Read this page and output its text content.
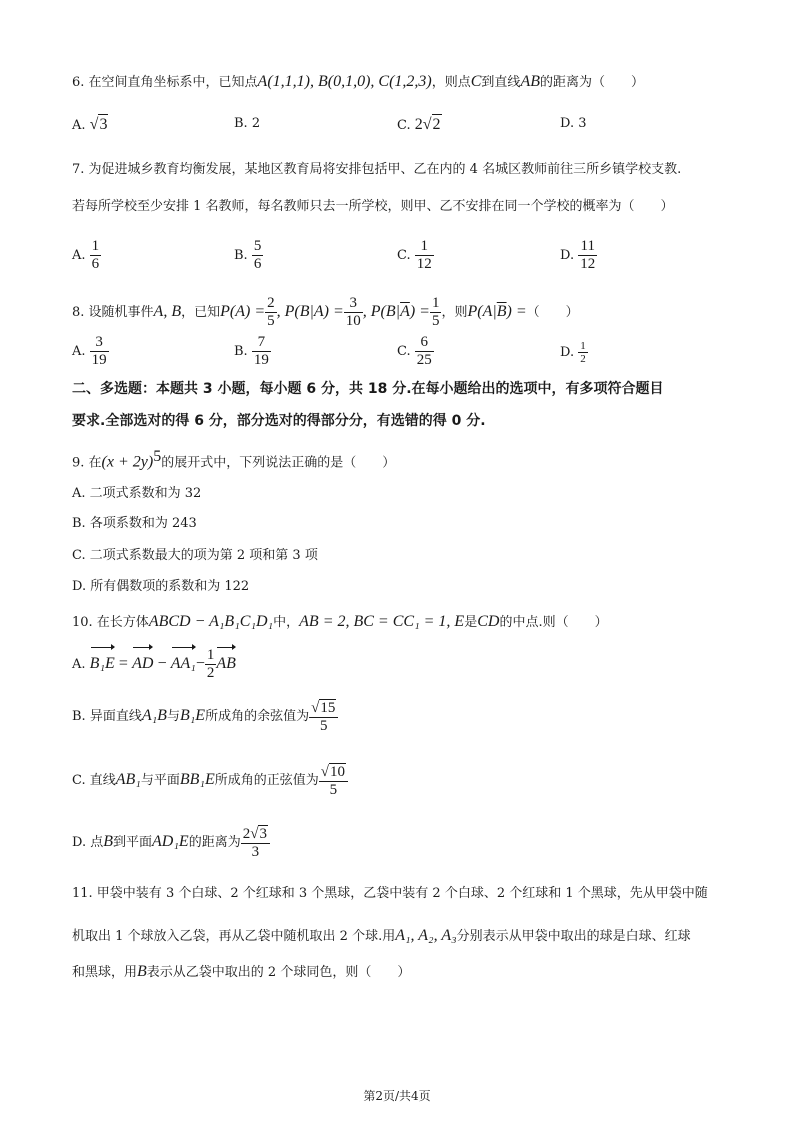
6. 在空间直角坐标系中，已知点A(1,1,1), B(0,1,0), C(1,2,3)，则点C到直线AB的距离为（　　）
A. √3	B. 2	C. 2√2	D. 3
7. 为促进城乡教育均衡发展，某地区教育局将安排包括甲、乙在内的 4 名城区教师前往三所乡镇学校支教.
若每所学校至少安排 1 名教师，每名教师只去一所学校，则甲、乙不安排在同一个学校的概率为（　　）
A. $\frac{1}{6}$	B. $\frac{5}{6}$	C. $\frac{1}{12}$	D. $\frac{11}{12}$
8. 设随机事件A, B，已知$P(A) = \frac{2}{5}$ , $P(B|A) = \frac{3}{10}$ , $P(B|\overline{A}) = \frac{1}{5}$ ，则$P(A|\overline{B})$ =（　　）
A. $\frac{3}{19}$	B. $\frac{7}{19}$	C. $\frac{6}{25}$	D. $\frac{1}{2}$
二、多选题：本题共 3 小题，每小题 6 分，共 18 分.在每小题给出的选项中，有多项符合题目
要求.全部选对的得 6 分，部分选对的得部分分，有选错的得 0 分.
9. 在$(x + 2y)^5$的展开式中，下列说法正确的是（　　）
A. 二项式系数和为 32
B. 各项系数和为 243
C. 二项式系数最大的项为第 2 项和第 3 项
D. 所有偶数项的系数和为 122
10. 在长方体ABCD − A₁B₁C₁D₁中，AB = 2, BC = CC₁ = 1, E是CD的中点.则（　　）
A. B₁E = AD − $AA_1- \frac{1}{2}$ AB
B. 异面直线A₁B与B₁E所成角的余弦值为 $\frac{√15}{5}$
C. 直线AB₁与平面BB₁E所成角的正弦值为 $\frac{√10}{5}$
D. 点B到平面AD₁E的距离为 $\frac{2√3}{3}$
11. 甲袋中装有 3 个白球、2 个红球和 3 个黑球，乙袋中装有 2 个白球、2 个红球和 1 个黑球，先从甲袋中随
机取出 1 个球放入乙袋，再从乙袋中随机取出 2 个球.用A₁, A₂, A₃分别表示从甲袋中取出的球是白球、红球
和黑球，用B表示从乙袋中取出的 2 个球同色，则（　　）
第2页/共4页
